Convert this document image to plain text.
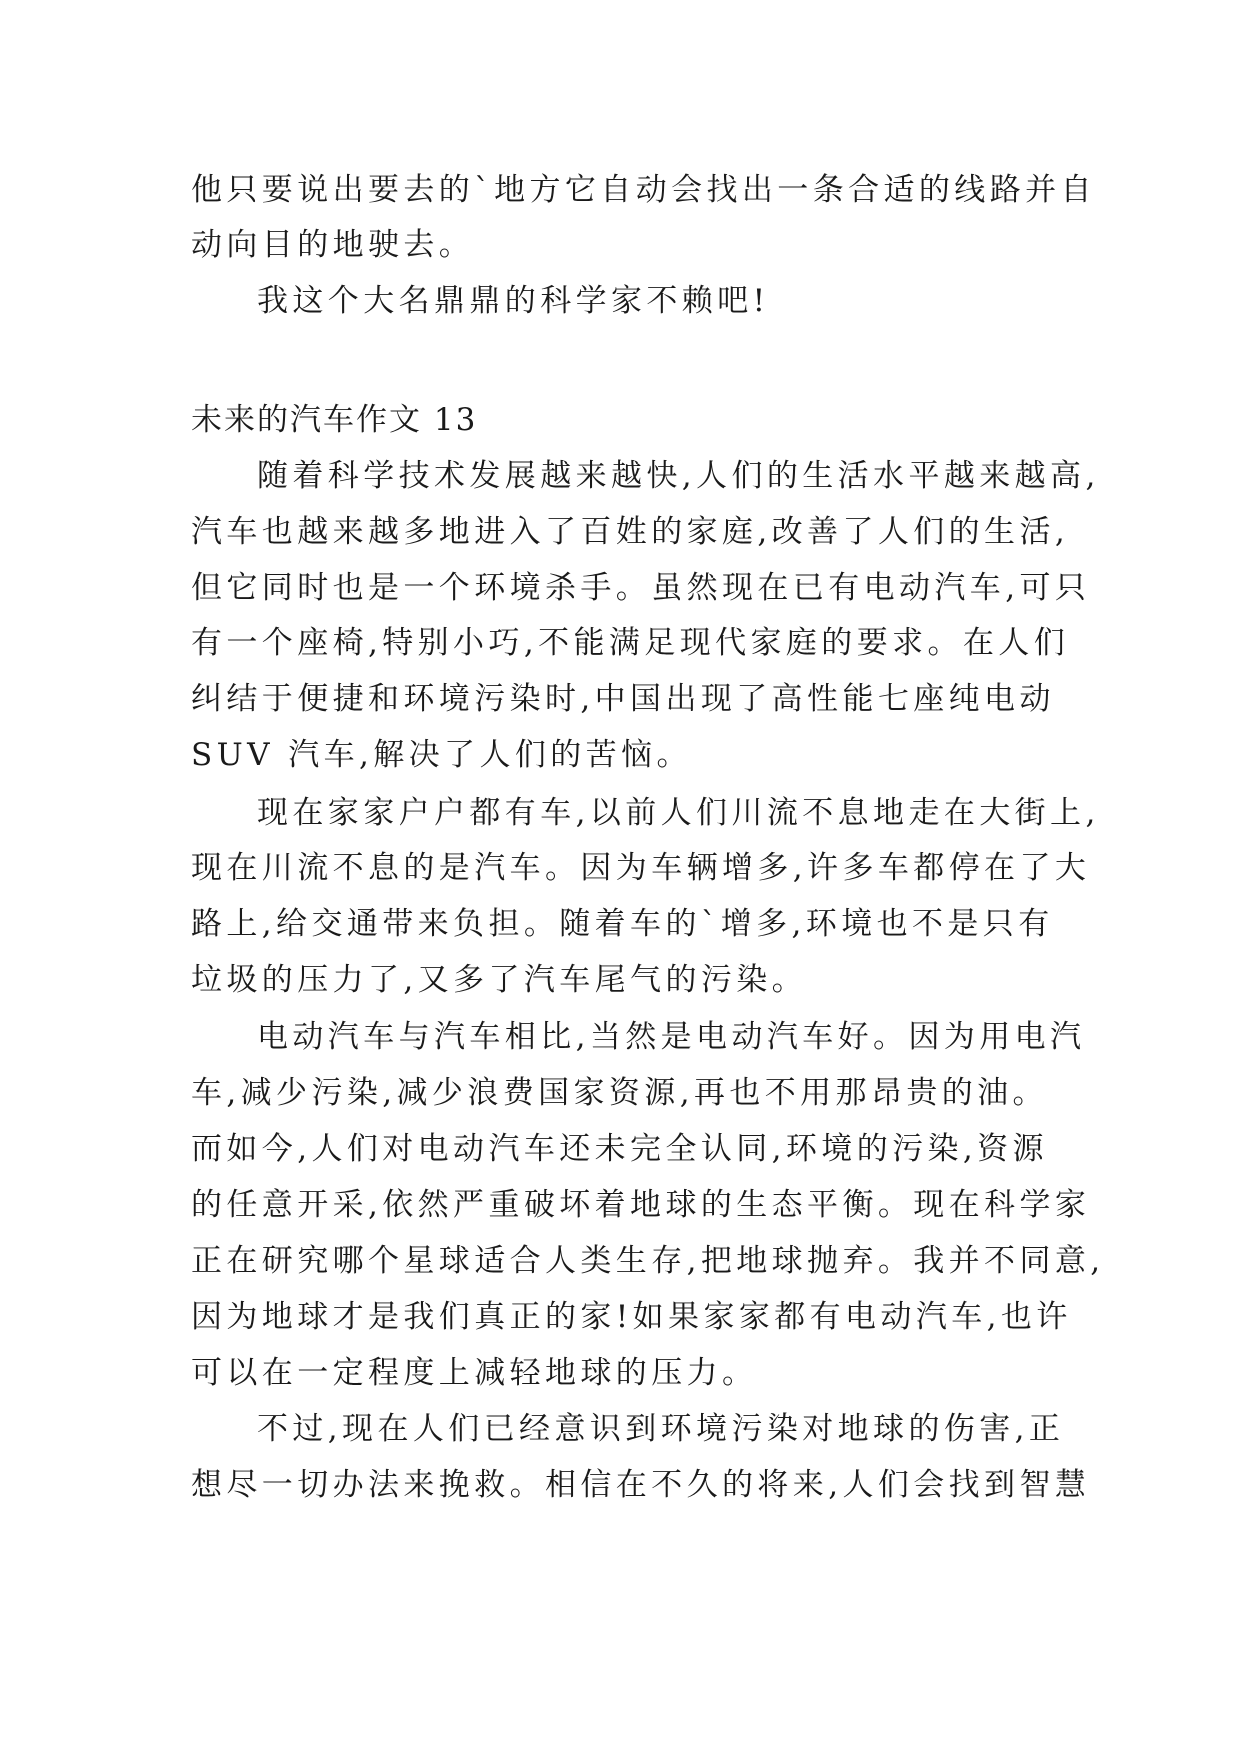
他只要说出要去的`地方它自动会找出一条合适的线路并自
动向目的地驶去。
我这个大名鼎鼎的科学家不赖吧!
未来的汽车作文 13
随着科学技术发展越来越快,人们的生活水平越来越高,
汽车也越来越多地进入了百姓的家庭,改善了人们的生活,
但它同时也是一个环境杀手。虽然现在已有电动汽车,可只
有一个座椅,特别小巧,不能满足现代家庭的要求。在人们
纠结于便捷和环境污染时,中国出现了高性能七座纯电动
SUV 汽车,解决了人们的苦恼。
现在家家户户都有车,以前人们川流不息地走在大街上,
现在川流不息的是汽车。因为车辆增多,许多车都停在了大
路上,给交通带来负担。随着车的`增多,环境也不是只有
垃圾的压力了,又多了汽车尾气的污染。
电动汽车与汽车相比,当然是电动汽车好。因为用电汽
车,减少污染,减少浪费国家资源,再也不用那昂贵的油。
而如今,人们对电动汽车还未完全认同,环境的污染,资源
的任意开采,依然严重破坏着地球的生态平衡。现在科学家
正在研究哪个星球适合人类生存,把地球抛弃。我并不同意,
因为地球才是我们真正的家!如果家家都有电动汽车,也许
可以在一定程度上减轻地球的压力。
不过,现在人们已经意识到环境污染对地球的伤害,正
想尽一切办法来挽救。相信在不久的将来,人们会找到智慧
